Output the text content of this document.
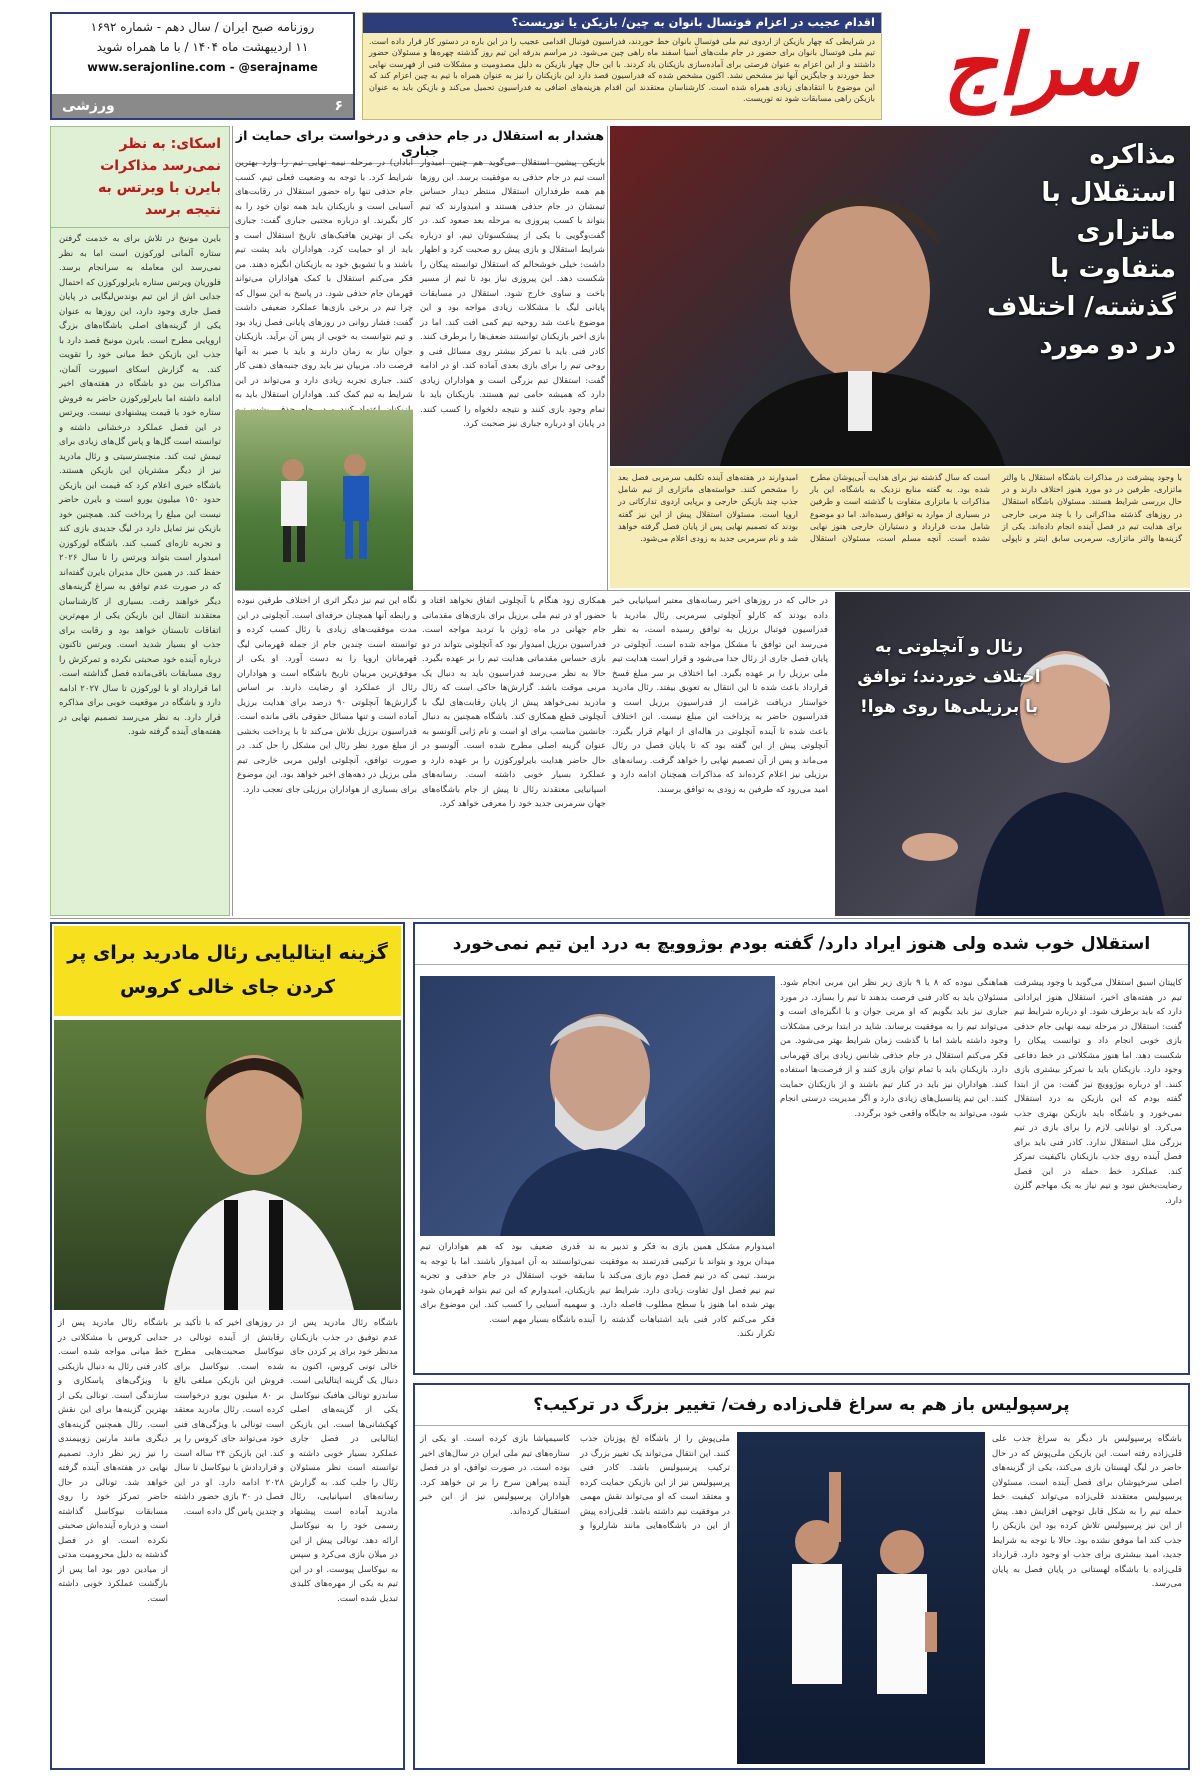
سراج
اقدام عجیب در اعزام فوتسال بانوان به چین/ بازیکن یا توریست؟
در شرایطی که چهار بازیکن از اردوی تیم ملی فوتسال بانوان خط خوردند، فدراسیون فوتبال اقدامی عجیب را در این باره در دستور کار قرار داده است. تیم ملی فوتسال بانوان برای حضور در جام ملت‌های آسیا اسفند ماه راهی چین می‌شود. در مراسم بدرقه این تیم روز گذشته چهره‌ها و مسئولان حضور داشتند و از این اعزام به عنوان فرصتی برای آماده‌سازی بازیکنان یاد کردند. با این حال چهار بازیکن به دلیل مصدومیت و مشکلات فنی از فهرست نهایی خط خوردند و جایگزین آنها نیز مشخص نشد. اکنون مشخص شده که فدراسیون قصد دارد این بازیکنان را نیز به عنوان همراه با تیم به چین اعزام کند که این موضوع با انتقادهای زیادی همراه شده است. کارشناسان معتقدند این اقدام هزینه‌های اضافی به فدراسیون تحمیل می‌کند و بازیکن باید به عنوان بازیکن راهی مسابقات شود نه توریست.
روزنامه صبح ایران / سال دهم - شماره ۱۶۹۲
۱۱ اردیبهشت ماه ۱۴۰۴ / با ما همراه شوید
www.serajonline.com - @serajname
۶
ورزشی
مذاکره استقلال با ماتزاری متفاوت با گذشته/ اختلاف در دو مورد
با وجود پیشرفت در مذاکرات باشگاه استقلال با والتر ماتزاری، طرفین در دو مورد هنوز اختلاف دارند و در حال بررسی شرایط هستند. مسئولان باشگاه استقلال در روزهای گذشته مذاکراتی را با چند مربی خارجی برای هدایت تیم در فصل آینده انجام داده‌اند. یکی از گزینه‌ها والتر ماتزاری، سرمربی سابق اینتر و ناپولی است که سال گذشته نیز برای هدایت آبی‌پوشان مطرح شده بود. به گفته منابع نزدیک به باشگاه، این بار مذاکرات با ماتزاری متفاوت با گذشته است و طرفین در بسیاری از موارد به توافق رسیده‌اند. اما دو موضوع شامل مدت قرارداد و دستیاران خارجی هنوز نهایی نشده است. آنچه مسلم است، مسئولان استقلال امیدوارند در هفته‌های آینده تکلیف سرمربی فصل بعد را مشخص کنند. خواسته‌های ماتزاری از تیم شامل جذب چند بازیکن خارجی و برپایی اردوی تدارکاتی در اروپا است. مسئولان استقلال پیش از این نیز گفته بودند که تصمیم نهایی پس از پایان فصل گرفته خواهد شد و نام سرمربی جدید به زودی اعلام می‌شود.
هشدار به استقلال در جام حذفی و درخواست برای حمایت از جباری
بازیکن پیشین استقلال می‌گوید هم چنین امیدوار است تیم در جام حذفی به موفقیت برسد. این روزها هم همه طرفداران استقلال منتظر دیدار حساس تیمشان در جام حذفی هستند و امیدوارند که تیم بتواند با کسب پیروزی به مرحله بعد صعود کند. در گفت‌وگویی با یکی از پیشکسوتان تیم، او درباره شرایط استقلال و بازی پیش رو صحبت کرد و اظهار داشت: خیلی خوشحالم که استقلال توانسته پیکان را شکست دهد. این پیروزی نیاز بود تا تیم از مسیر باخت و ساوی خارج شود. استقلال در مسابقات پایانی لیگ با مشکلات زیادی مواجه بود و این موضوع باعث شد روحیه تیم کمی افت کند. اما در بازی اخیر بازیکنان توانستند ضعف‌ها را برطرف کنند. کادر فنی باید با تمرکز بیشتر روی مسائل فنی و روحی تیم را برای بازی بعدی آماده کند. او در ادامه گفت: استقلال تیم بزرگی است و هواداران زیادی دارد که همیشه حامی تیم هستند. بازیکنان باید با تمام وجود بازی کنند و نتیجه دلخواه را کسب کنند. در پایان او درباره جباری نیز صحبت کرد.
آبادان) در مرحله نیمه نهایی تیم را وارد بهترین شرایط کرد. با توجه به وضعیت فعلی تیم، کسب جام حذفی تنها راه حضور استقلال در رقابت‌های آسیایی است و بازیکنان باید همه توان خود را به کار بگیرند. او درباره مجتبی جباری گفت: جباری یکی از بهترین هافبک‌های تاریخ استقلال است و باید از او حمایت کرد. هواداران باید پشت تیم باشند و با تشویق خود به بازیکنان انگیزه دهند. من فکر می‌کنم استقلال با کمک هواداران می‌تواند قهرمان جام حذفی شود. در پاسخ به این سوال که چرا تیم در برخی بازی‌ها عملکرد ضعیفی داشت گفت: فشار روانی در روزهای پایانی فصل زیاد بود و تیم نتوانست به خوبی از پس آن برآید. بازیکنان جوان نیاز به زمان دارند و باید با صبر به آنها فرصت داد. مربیان نیز باید روی جنبه‌های ذهنی کار کنند. جباری تجربه زیادی دارد و می‌تواند در این شرایط به تیم کمک کند. هواداران استقلال باید به
اسکای: به نظر نمی‌رسد مذاکرات بایرن با ویرتس به نتیجه برسد
بایرن مونیخ در تلاش برای به خدمت گرفتن ستاره آلمانی لورکوزن است اما به نظر نمی‌رسد این معامله به سرانجام برسد. فلوریان ویرتس ستاره بایرلورکوزن که احتمال جدایی اش از این تیم بوندس‌لیگایی در پایان فصل جاری وجود دارد، این روزها به عنوان یکی از گزینه‌های اصلی باشگاه‌های بزرگ اروپایی مطرح است. بایرن مونیخ قصد دارد با جذب این بازیکن خط میانی خود را تقویت کند. به گزارش اسکای اسپورت آلمان، مذاکرات بین دو باشگاه در هفته‌های اخیر ادامه داشته اما بایرلورکوزن حاضر به فروش ستاره خود با قیمت پیشنهادی نیست. ویرتس در این فصل عملکرد درخشانی داشته و توانسته است گل‌ها و پاس گل‌های زیادی برای تیمش ثبت کند. منچسترسیتی و رئال مادرید نیز از دیگر مشتریان این بازیکن هستند. باشگاه خبری اعلام کرد که قیمت این بازیکن حدود ۱۵۰ میلیون یورو است و بایرن حاضر نیست این مبلغ را پرداخت کند. همچنین خود بازیکن نیز تمایل دارد در لیگ جدیدی بازی کند و تجربه تازه‌ای کسب کند. باشگاه لورکوزن امیدوار است بتواند ویرتس را تا سال ۲۰۲۶ حفظ کند. در همین حال مدیران بایرن گفته‌اند که در صورت عدم توافق به سراغ گزینه‌های دیگر خواهند رفت. بسیاری از کارشناسان معتقدند انتقال این بازیکن یکی از مهم‌ترین اتفاقات تابستان خواهد بود و رقابت برای جذب او بسیار شدید است. ویرتس تاکنون درباره آینده خود صحبتی نکرده و تمرکزش را روی مسابقات باقی‌مانده فصل گذاشته است. اما قرارداد او با لورکوزن تا سال ۲۰۲۷ ادامه دارد و باشگاه در موقعیت خوبی برای مذاکره قرار دارد. به نظر می‌رسد تصمیم نهایی در هفته‌های آینده گرفته شود.
رئال و آنچلوتی به اختلاف خوردند؛ توافق با برزیلی‌ها روی هوا!
در حالی که در روزهای اخیر رسانه‌های معتبر اسپانیایی خبر داده بودند که کارلو آنچلوتی سرمربی رئال مادرید با فدراسیون فوتبال برزیل به توافق رسیده است، به نظر می‌رسد این توافق با مشکل مواجه شده است. آنچلوتی در پایان فصل جاری از رئال جدا می‌شود و قرار است هدایت تیم ملی برزیل را بر عهده بگیرد. اما اختلاف بر سر مبلغ فسخ قرارداد باعث شده تا این انتقال به تعویق بیفتد. رئال مادرید خواستار دریافت غرامت از فدراسیون برزیل است و فدراسیون حاضر به پرداخت این مبلغ نیست. این اختلاف باعث شده تا آینده آنچلوتی در هاله‌ای از ابهام قرار بگیرد. آنچلوتی پیش از این گفته بود که تا پایان فصل در رئال می‌ماند و پس از آن تصمیم نهایی را خواهد گرفت. رسانه‌های برزیلی نیز اعلام کرده‌اند که مذاکرات همچنان ادامه دارد و امید می‌رود که طرفین به زودی به توافق برسند.
همکاری زود هنگام با آنچلوتی اتفاق نخواهد افتاد و حضور او در تیم ملی برزیل برای بازی‌های مقدماتی جام جهانی در ماه ژوئن با تردید مواجه است. فدراسیون برزیل امیدوار بود که آنچلوتی بتواند در دو بازی حساس مقدماتی هدایت تیم را بر عهده بگیرد. حالا به نظر می‌رسد فدراسیون باید به دنبال یک مربی موقت باشد. گزارش‌ها حاکی است که رئال مادرید نمی‌خواهد پیش از پایان رقابت‌های لیگ با آنچلوتی قطع همکاری کند. باشگاه همچنین به دنبال جانشین مناسب برای او است و نام ژابی آلونسو به عنوان گزینه اصلی مطرح شده است. آلونسو در حال حاضر هدایت بایرلورکوزن را بر عهده دارد و عملکرد بسیار خوبی داشته است. رسانه‌های اسپانیایی معتقدند رئال تا پیش از جام باشگاه‌های جهان سرمربی جدید خود را معرفی خواهد کرد.
نگاه این تیم نیز دیگر اثری از اختلاف طرفین نبوده و رابطه آنها همچنان حرفه‌ای است. آنچلوتی در این مدت موفقیت‌های زیادی با رئال کسب کرده و توانسته است چندین جام از جمله قهرمانی لیگ قهرمانان اروپا را به دست آورد. او یکی از موفق‌ترین مربیان تاریخ باشگاه است و هواداران رئال از عملکرد او رضایت دارند. بر اساس گزارش‌ها آنچلوتی ۹۰ درصد برای هدایت برزیل آماده است و تنها مسائل حقوقی باقی مانده است. فدراسیون برزیل تلاش می‌کند تا با پرداخت بخشی از مبلغ مورد نظر رئال این مشکل را حل کند. در صورت توافق، آنچلوتی اولین مربی خارجی تیم ملی برزیل در دهه‌های اخیر خواهد بود. این موضوع برای بسیاری از هواداران برزیلی جای تعجب دارد.
استقلال خوب شده ولی هنوز ایراد دارد/ گفته بودم بوژوویچ به درد این تیم نمی‌خورد
کاپیتان اسبق استقلال می‌گوید با وجود پیشرفت تیم در هفته‌های اخیر، استقلال هنوز ایراداتی دارد که باید برطرف شود. او درباره شرایط تیم گفت: استقلال در مرحله نیمه نهایی جام حذفی بازی خوبی انجام داد و توانست پیکان را شکست دهد. اما هنوز مشکلاتی در خط دفاعی وجود دارد. بازیکنان باید با تمرکز بیشتری بازی کنند. او درباره بوژوویچ نیز گفت: من از ابتدا گفته بودم که این بازیکن به درد استقلال نمی‌خورد و باشگاه باید بازیکن بهتری جذب می‌کرد. او توانایی لازم را برای بازی در تیم بزرگی مثل استقلال ندارد. کادر فنی باید برای فصل آینده روی جذب بازیکنان باکیفیت تمرکز کند. عملکرد خط حمله در این فصل رضایت‌بخش نبود و تیم نیاز به یک مهاجم گلزن دارد.
هماهنگی نبوده که ۸ یا ۹ بازی زیر نظر این مربی انجام شود. مسئولان باید به کادر فنی فرصت بدهند تا تیم را بسازد. در مورد جباری نیز باید بگویم که او مربی جوان و با انگیزه‌ای است و می‌تواند تیم را به موفقیت برساند. شاید در ابتدا برخی مشکلات وجود داشته باشد اما با گذشت زمان شرایط بهتر می‌شود. من فکر می‌کنم استقلال در جام حذفی شانس زیادی برای قهرمانی دارد. بازیکنان باید با تمام توان بازی کنند و از فرصت‌ها استفاده کنند. هواداران نیز باید در کنار تیم باشند و از بازیکنان حمایت کنند. این تیم پتانسیل‌های زیادی دارد و اگر مدیریت درستی انجام شود، می‌تواند به جایگاه واقعی خود برگردد.
امیدوارم مشکل همین بازی به فکر و تدبیر به میدان برود و بتواند با ترکیبی قدرتمند به موفقیت برسد. تیمی که در نیم فصل دوم بازی می‌کند با تیم نیم فصل اول تفاوت زیادی دارد. شرایط تیم بهتر شده اما هنوز با سطح مطلوب فاصله دارد. فکر می‌کنم کادر فنی باید اشتباهات گذشته را تکرار نکند.
ند قدری ضعیف بود که هم هواداران تیم نمی‌توانستند به آن امیدوار باشند. اما با توجه به سابقه خوب استقلال در جام حذفی و تجربه بازیکنان، امیدوارم که این تیم بتواند قهرمان شود و سهمیه آسیایی را کسب کند. این موضوع برای آینده باشگاه بسیار مهم است.
گزینه ایتالیایی رئال مادرید برای پر کردن جای خالی کروس
باشگاه رئال مادرید پس از عدم توفیق در جذب بازیکنان مدنظر خود برای پر کردن جای خالی تونی کروس، اکنون به دنبال یک گزینه ایتالیایی است. ساندرو تونالی هافبک نیوکاسل یکی از گزینه‌های اصلی کهکشانی‌ها است. این بازیکن ایتالیایی در فصل جاری عملکرد بسیار خوبی داشته و توانسته است نظر مسئولان رئال را جلب کند. به گزارش رسانه‌های اسپانیایی، رئال مادرید آماده است پیشنهاد رسمی خود را به نیوکاسل ارائه دهد. تونالی پیش از این در میلان بازی می‌کرد و سپس به نیوکاسل پیوست. او در این تیم به یکی از مهره‌های کلیدی تبدیل شده است.
در روزهای اخیر که با تأکید بر رقابتش از آینده تونالی در نیوکاسل صحبت‌هایی مطرح شده است. نیوکاسل برای فروش این بازیکن مبلغی بالغ بر ۸۰ میلیون یورو درخواست کرده است. رئال مادرید معتقد است تونالی با ویژگی‌های فنی خود می‌تواند جای کروس را پر کند. این بازیکن ۲۴ ساله است و قراردادش با نیوکاسل تا سال ۲۰۲۸ ادامه دارد. او در این فصل در ۳۰ بازی حضور داشته و چندین پاس گل داده است.
باشگاه رئال مادرید پس از جدایی کروس با مشکلاتی در خط میانی مواجه شده است. کادر فنی رئال به دنبال بازیکنی با ویژگی‌های پاسکاری و سازندگی است. تونالی یکی از بهترین گزینه‌ها برای این نقش است. رئال همچنین گزینه‌های دیگری مانند مارتین زوبیمندی را نیز زیر نظر دارد. تصمیم نهایی در هفته‌های آینده گرفته خواهد شد. تونالی در حال حاضر تمرکز خود را روی مسابقات نیوکاسل گذاشته است و درباره آینده‌اش صحبتی نکرده است. او در فصل گذشته به دلیل محرومیت مدتی از میادین دور بود اما پس از بازگشت عملکرد خوبی داشته است.
پرسپولیس باز هم به سراغ قلی‌زاده رفت/ تغییر بزرگ در ترکیب؟
باشگاه پرسپولیس بار دیگر به سراغ جذب علی قلی‌زاده رفته است. این بازیکن ملی‌پوش که در حال حاضر در لیگ لهستان بازی می‌کند، یکی از گزینه‌های اصلی سرخپوشان برای فصل آینده است. مسئولان پرسپولیس معتقدند قلی‌زاده می‌تواند کیفیت خط حمله تیم را به شکل قابل توجهی افزایش دهد. پیش از این نیز پرسپولیس تلاش کرده بود این بازیکن را جذب کند اما موفق نشده بود. حالا با توجه به شرایط جدید، امید بیشتری برای جذب او وجود دارد. قرارداد قلی‌زاده با باشگاه لهستانی در پایان فصل به پایان می‌رسد.
ملی‌پوش را از باشگاه لخ پوزنان جذب کنند. این انتقال می‌تواند یک تغییر بزرگ در ترکیب پرسپولیس باشد. کادر فنی پرسپولیس نیز از این بازیکن حمایت کرده و معتقد است که او می‌تواند نقش مهمی در موفقیت تیم داشته باشد. قلی‌زاده پیش از این در باشگاه‌هایی مانند شارلروا و کاسیمپاشا بازی کرده است. او یکی از ستاره‌های تیم ملی ایران در سال‌های اخیر بوده است. در صورت توافق، او در فصل آینده پیراهن سرخ را بر تن خواهد کرد. هواداران پرسپولیس نیز از این خبر استقبال کرده‌اند.
